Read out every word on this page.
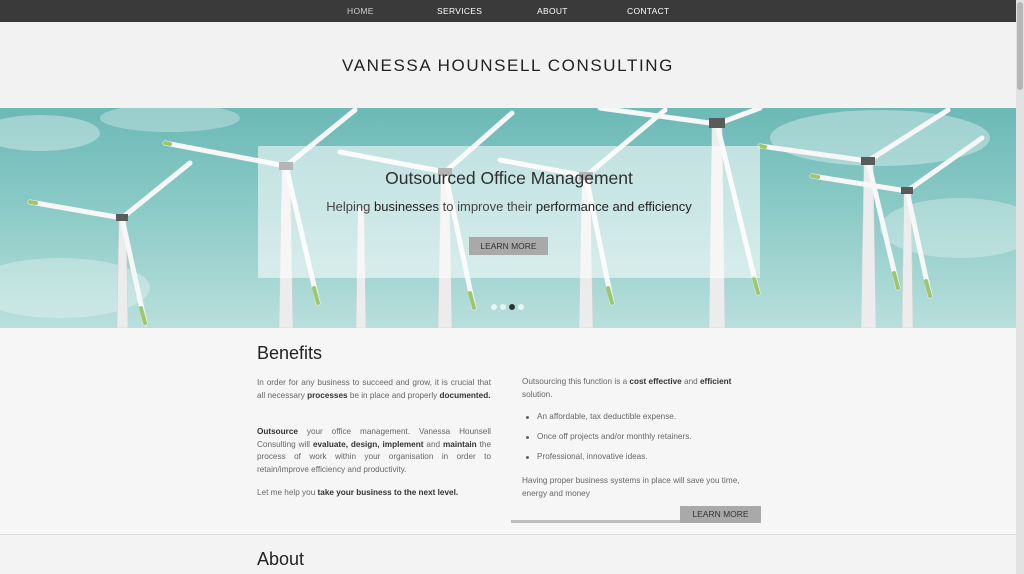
HOME	SERVICES	ABOUT	CONTACT
VANESSA HOUNSELL CONSULTING
Outsourced Office Management
Helping businesses to improve their performance and efficiency
LEARN MORE
Benefits
In order for any business to succeed and grow, it is crucial that all necessary processes be in place and properly documented.
Outsource your office management. Vanessa Hounsell Consulting will evaluate, design, implement and maintain the process of work within your organisation in order to retain/improve efficiency and productivity.
Let me help you take your business to the next level.
Outsourcing this function is a cost effective and efficient solution.
An affordable, tax deductible expense.
Once off projects and/or monthly retainers.
Professional, innovative ideas.
Having proper business systems in place will save you time, energy and money
LEARN MORE
About
